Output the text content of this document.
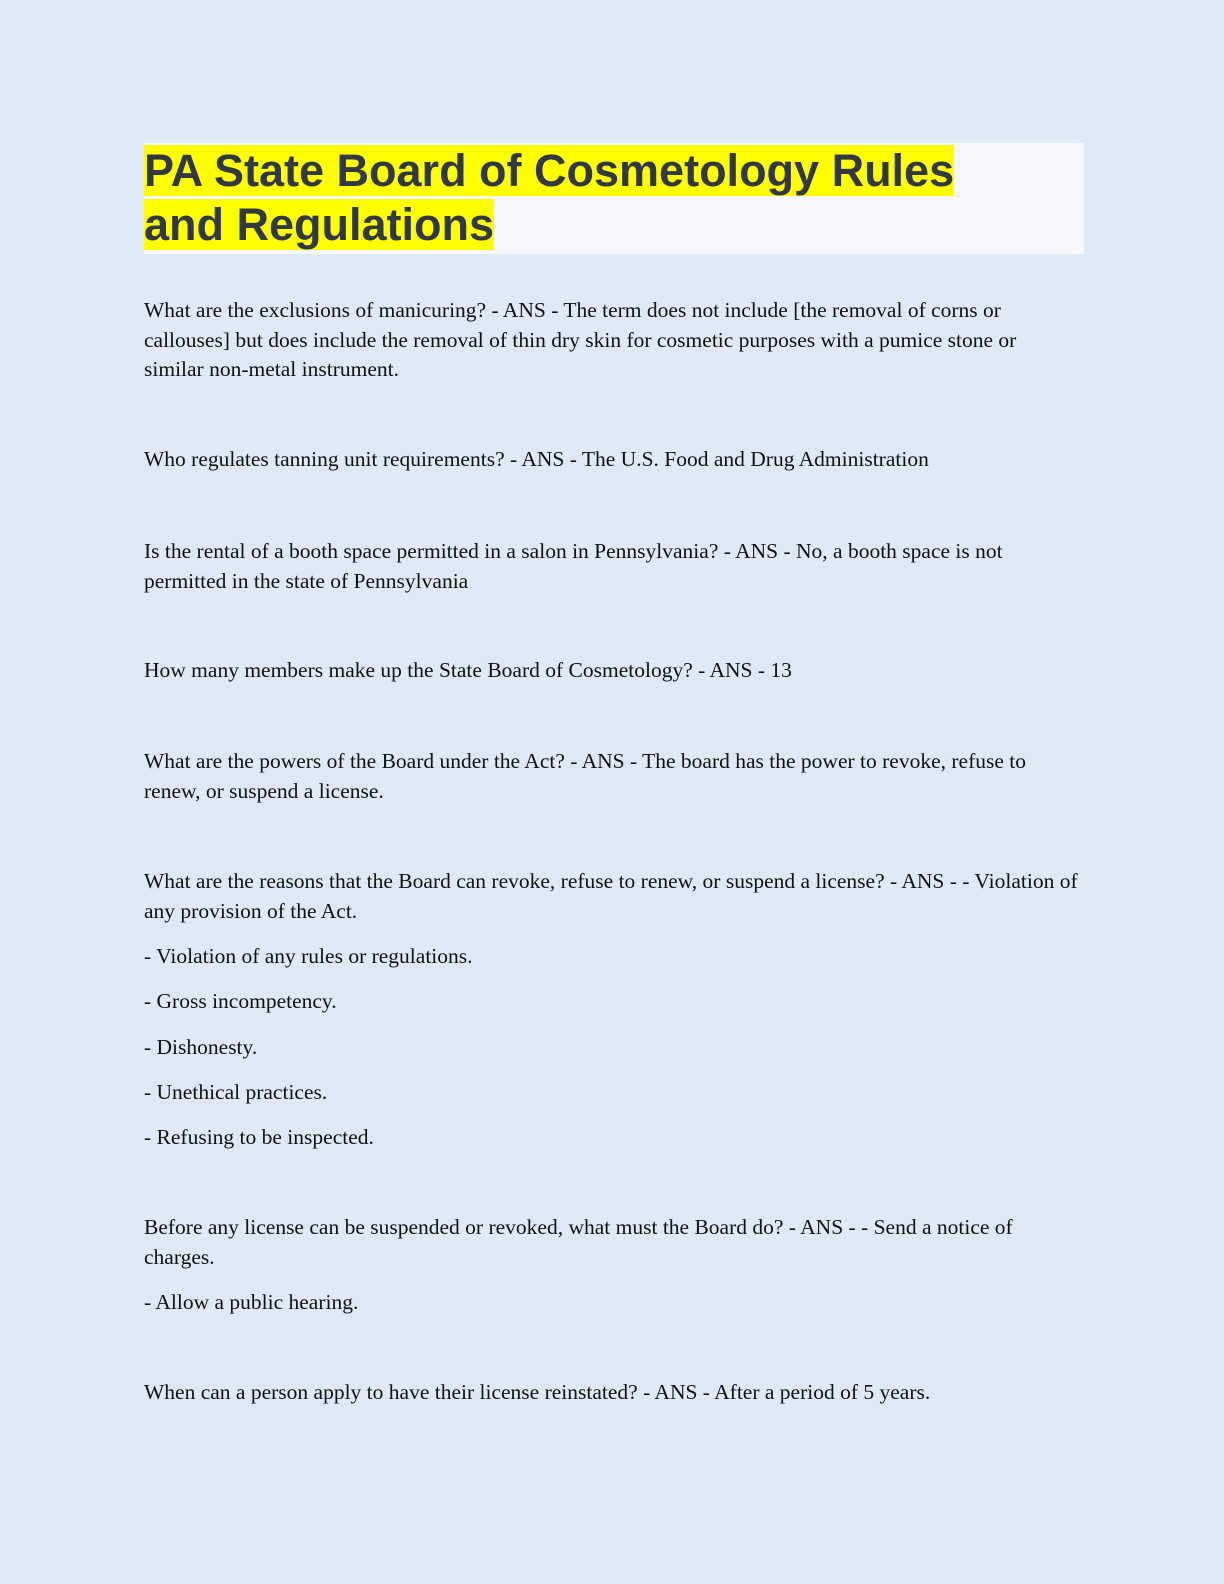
PA State Board of Cosmetology Rules
and Regulations

What are the exclusions of manicuring? - ANS - The term does not include [the removal of corns or callouses] but does include the removal of thin dry skin for cosmetic purposes with a pumice stone or similar non-metal instrument.

Who regulates tanning unit requirements? - ANS - The U.S. Food and Drug Administration

Is the rental of a booth space permitted in a salon in Pennsylvania? - ANS - No, a booth space is not permitted in the state of Pennsylvania

How many members make up the State Board of Cosmetology? - ANS - 13

What are the powers of the Board under the Act? - ANS - The board has the power to revoke, refuse to renew, or suspend a license.

What are the reasons that the Board can revoke, refuse to renew, or suspend a license? - ANS - - Violation of any provision of the Act.

- Violation of any rules or regulations.

- Gross incompetency.

- Dishonesty.

- Unethical practices.

- Refusing to be inspected.

Before any license can be suspended or revoked, what must the Board do? - ANS - - Send a notice of charges.

- Allow a public hearing.

When can a person apply to have their license reinstated? - ANS - After a period of 5 years.
